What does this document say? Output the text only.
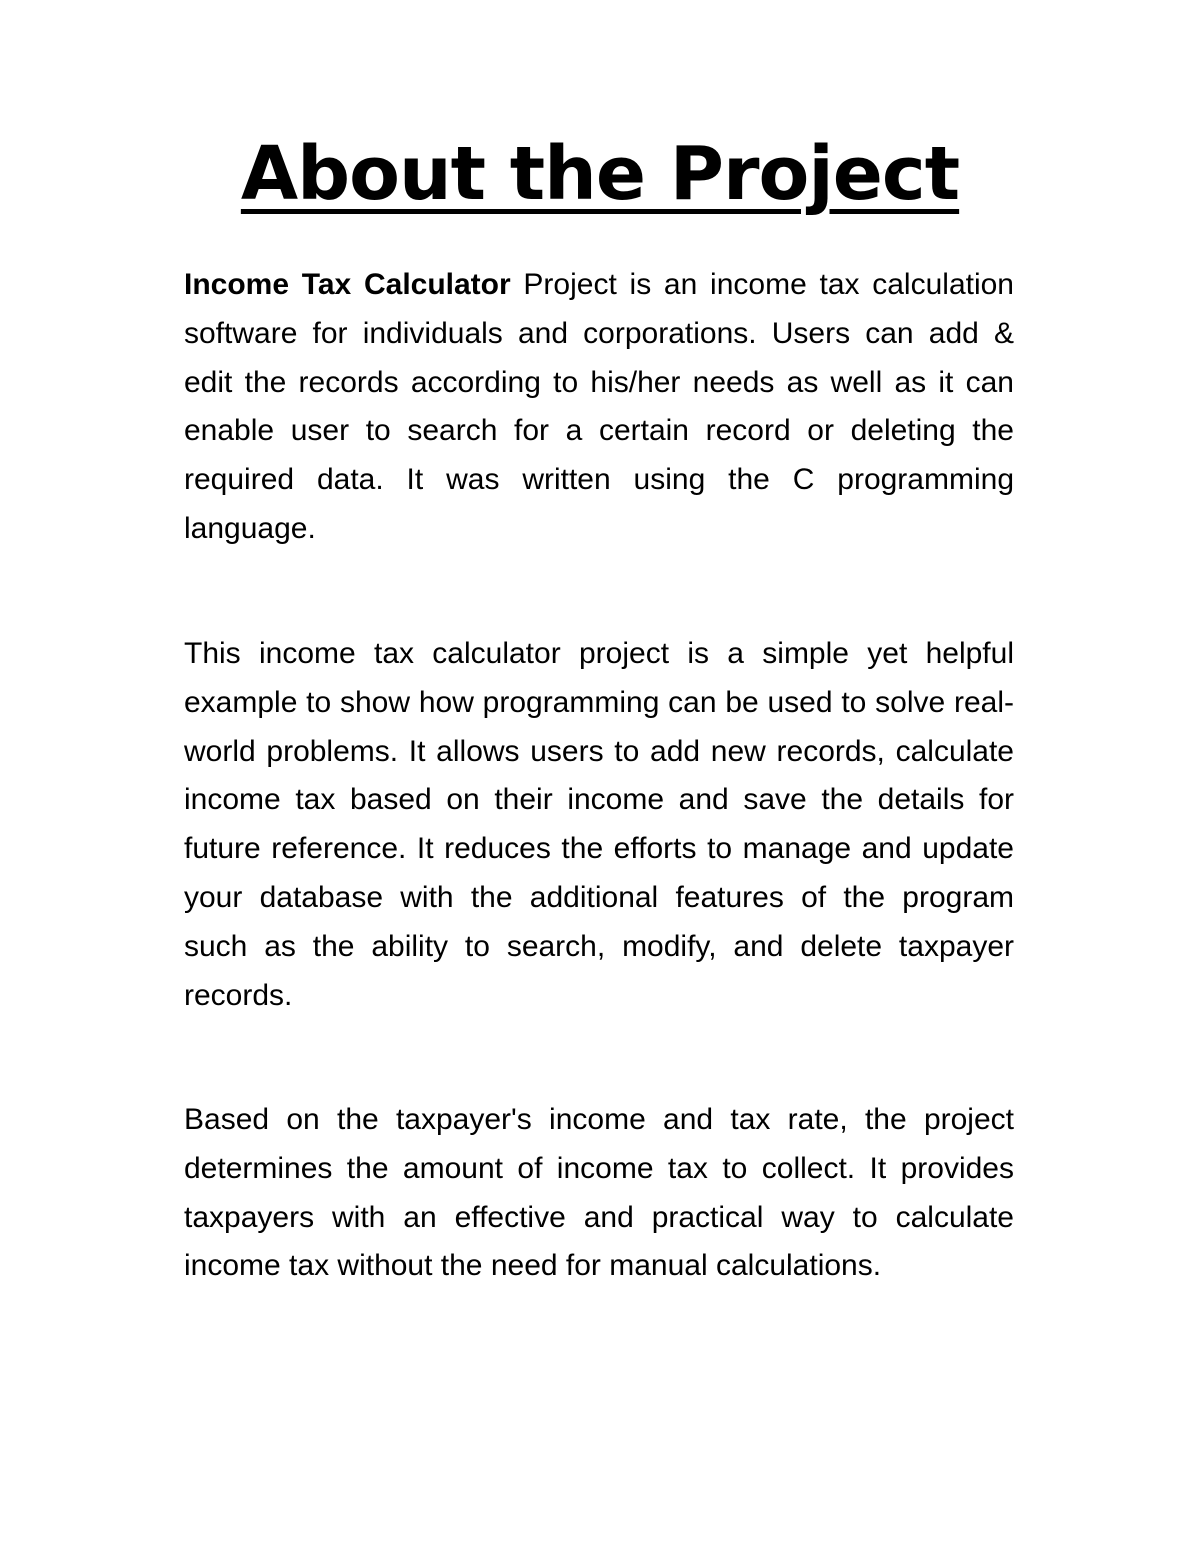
About the Project

Income Tax Calculator Project is an income tax calculation software for individuals and corporations. Users can add & edit the records according to his/her needs as well as it can enable user to search for a certain record or deleting the required data. It was written using the C programming language.

This income tax calculator project is a simple yet helpful example to show how programming can be used to solve real-world problems. It allows users to add new records, calculate income tax based on their income and save the details for future reference. It reduces the efforts to manage and update your database with the additional features of the program such as the ability to search, modify, and delete taxpayer records.

Based on the taxpayer's income and tax rate, the project determines the amount of income tax to collect. It provides taxpayers with an effective and practical way to calculate income tax without the need for manual calculations.
